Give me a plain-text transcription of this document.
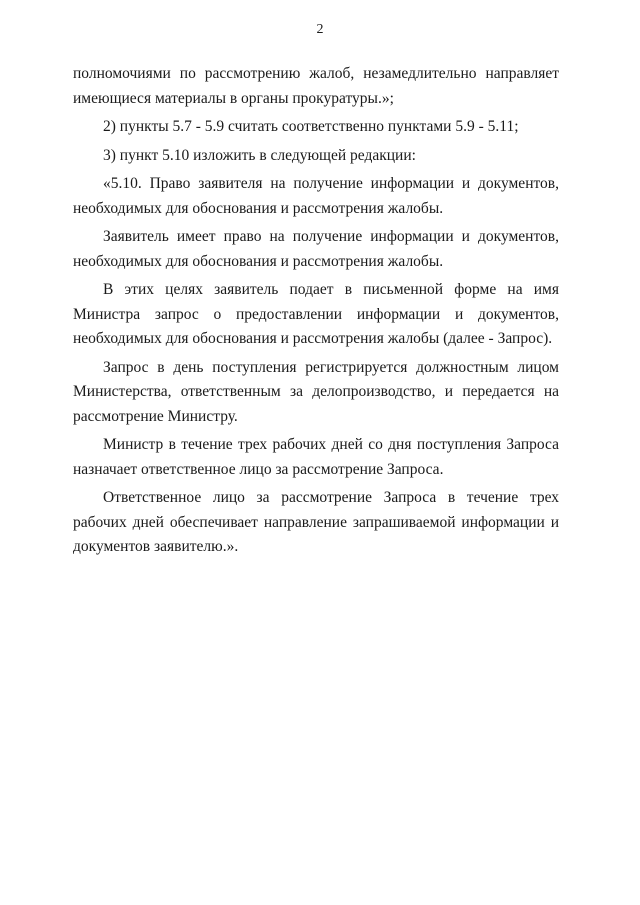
2

полномочиями по рассмотрению жалоб, незамедлительно направляет имеющиеся материалы в органы прокуратуры.»;

2) пункты 5.7 - 5.9 считать соответственно пунктами 5.9 - 5.11;

3) пункт 5.10 изложить в следующей редакции:

«5.10. Право заявителя на получение информации и документов, необходимых для обоснования и рассмотрения жалобы.

Заявитель имеет право на получение информации и документов, необходимых для обоснования и рассмотрения жалобы.

В этих целях заявитель подает в письменной форме на имя Министра запрос о предоставлении информации и документов, необходимых для обоснования и рассмотрения жалобы (далее - Запрос).

Запрос в день поступления регистрируется должностным лицом Министерства, ответственным за делопроизводство, и передается на рассмотрение Министру.

Министр в течение трех рабочих дней со дня поступления Запроса назначает ответственное лицо за рассмотрение Запроса.

Ответственное лицо за рассмотрение Запроса в течение трех рабочих дней обеспечивает направление запрашиваемой информации и документов заявителю.».
